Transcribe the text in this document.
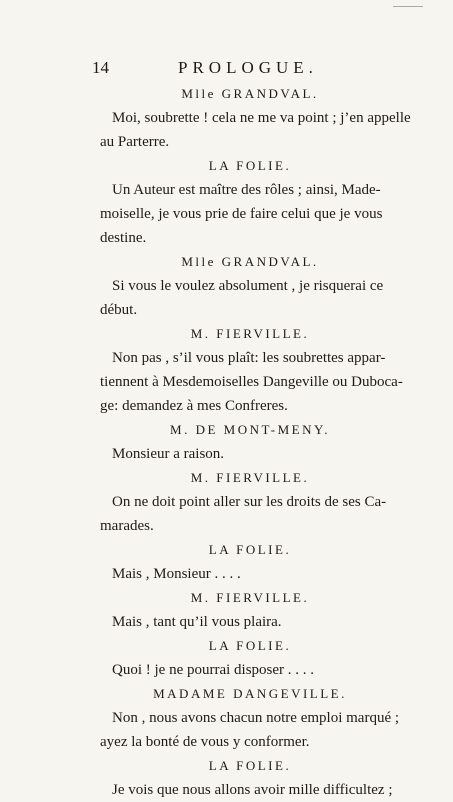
14	PROLOGUE.
Mlle GRANDVAL.
Moi, soubrette ! cela ne me va point ; j’en appelle
au Parterre.
LA FOLIE.
Un Auteur est maître des rôles ; ainsi, Made-
moiselle, je vous prie de faire celui que je vous
destine.
Mlle GRANDVAL.
Si vous le voulez absolument , je risquerai ce
début.
M. FIERVILLE.
Non pas , s’il vous plaît: les soubrettes appar-
tiennent à Mesdemoiselles Dangeville ou Duboca-
ge: demandez à mes Confreres.
M. DE MONT-MENY.
Monsieur a raison.
M. FIERVILLE.
On ne doit point aller sur les droits de ses Ca-
marades.
LA FOLIE.
Mais , Monsieur . . . .
M. FIERVILLE.
Mais , tant qu’il vous plaira.
LA FOLIE.
Quoi ! je ne pourrai disposer . . . .
MADAME DANGEVILLE.
Non , nous avons chacun notre emploi marqué ;
ayez la bonté de vous y conformer.
LA FOLIE.
Je vois que nous allons avoir mille difficultez ;
